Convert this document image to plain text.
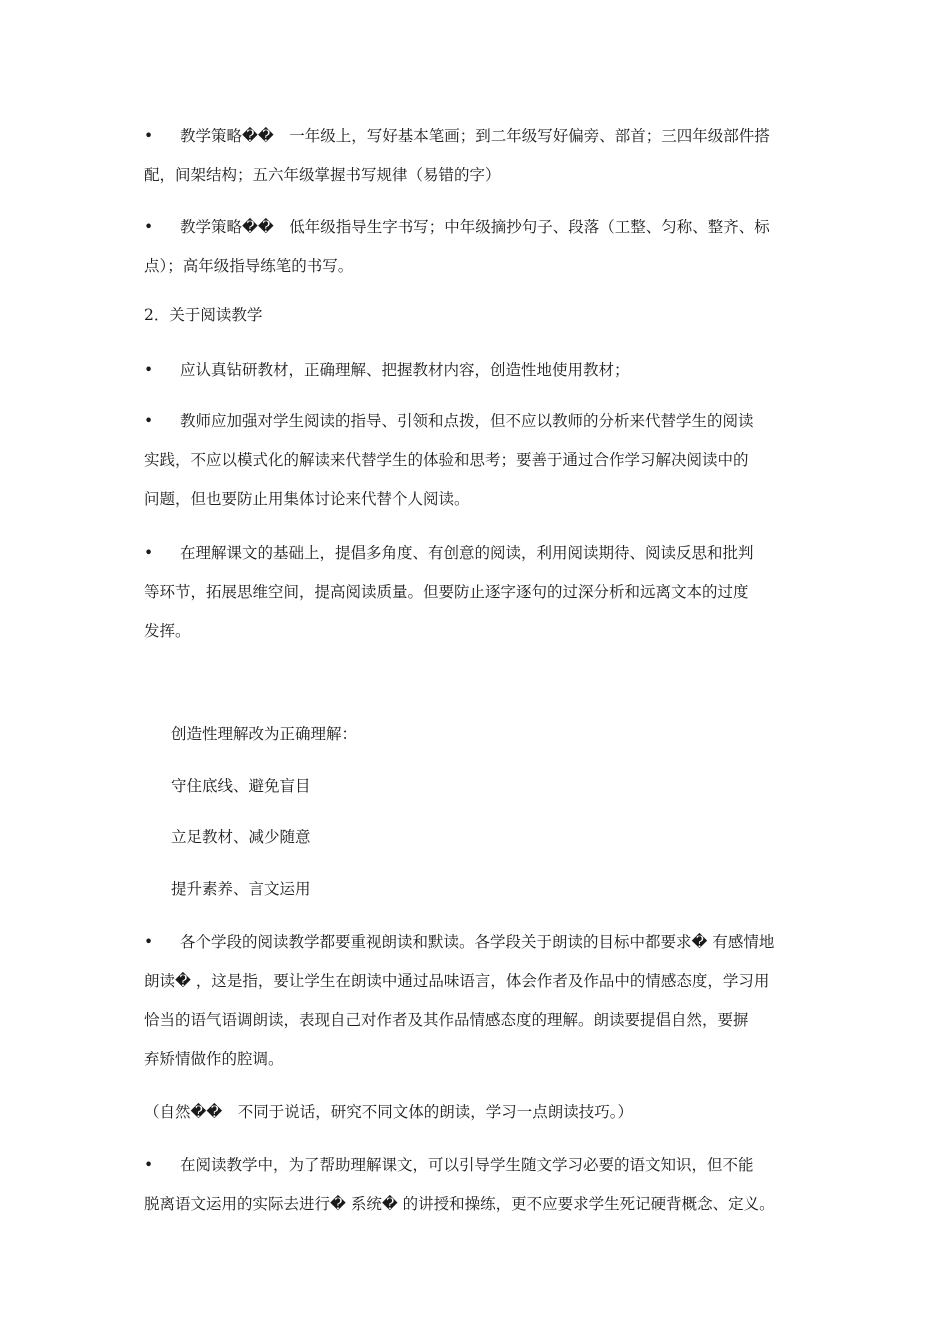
• 教学策略��　一年级上，写好基本笔画；到二年级写好偏旁、部首；三四年级部件搭
配，间架结构；五六年级掌握书写规律（易错的字）
• 教学策略��　低年级指导生字书写；中年级摘抄句子、段落（工整、匀称、整齐、标
点）；高年级指导练笔的书写。
2．关于阅读教学
• 应认真钻研教材，正确理解、把握教材内容，创造性地使用教材；
• 教师应加强对学生阅读的指导、引领和点拨，但不应以教师的分析来代替学生的阅读
实践，不应以模式化的解读来代替学生的体验和思考；要善于通过合作学习解决阅读中的
问题，但也要防止用集体讨论来代替个人阅读。
• 在理解课文的基础上，提倡多角度、有创意的阅读，利用阅读期待、阅读反思和批判
等环节，拓展思维空间，提高阅读质量。但要防止逐字逐句的过深分析和远离文本的过度
发挥。
创造性理解改为正确理解：
守住底线、避免盲目
立足教材、减少随意
提升素养、言文运用
• 各个学段的阅读教学都要重视朗读和默读。各学段关于朗读的目标中都要求� 有感情地
朗读� ，这是指，要让学生在朗读中通过品味语言，体会作者及作品中的情感态度，学习用
恰当的语气语调朗读，表现自己对作者及其作品情感态度的理解。朗读要提倡自然，要摒
弃矫情做作的腔调。
（自然��　不同于说话，研究不同文体的朗读，学习一点朗读技巧。）
• 在阅读教学中，为了帮助理解课文，可以引导学生随文学习必要的语文知识，但不能
脱离语文运用的实际去进行� 系统� 的讲授和操练，更不应要求学生死记硬背概念、定义。
